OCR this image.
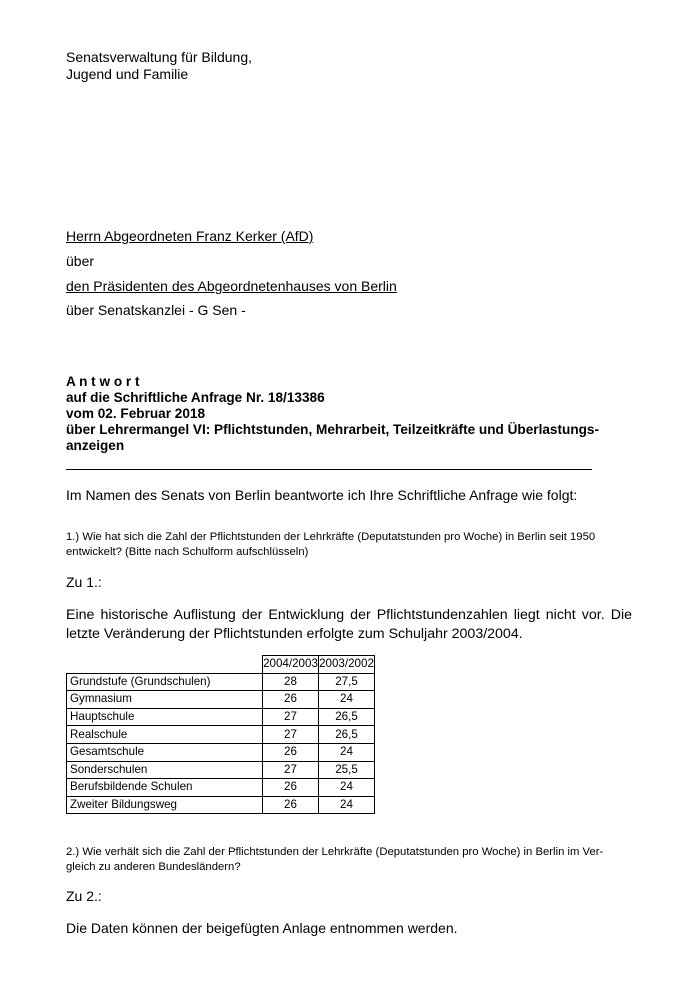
Senatsverwaltung für Bildung,
Jugend und Familie
Herrn Abgeordneten Franz Kerker (AfD)
über
den Präsidenten des Abgeordnetenhauses von Berlin
über Senatskanzlei - G Sen -
A n t w o r t
auf die Schriftliche Anfrage Nr. 18/13386
vom 02. Februar 2018
über Lehrermangel VI: Pflichtstunden, Mehrarbeit, Teilzeitkräfte und Überlastungs-
anzeigen
Im Namen des Senats von Berlin beantworte ich Ihre Schriftliche Anfrage wie folgt:
1.) Wie hat sich die Zahl der Pflichtstunden der Lehrkräfte (Deputatstunden pro Woche) in Berlin seit 1950
entwickelt? (Bitte nach Schulform aufschlüsseln)
Zu 1.:
Eine historische Auflistung der Entwicklung der Pflichtstundenzahlen liegt nicht vor. Die letzte Veränderung der Pflichtstunden erfolgte zum Schuljahr 2003/2004.
	2004/2003	2003/2002
Grundstufe (Grundschulen)	28	27,5
Gymnasium	26	24
Hauptschule	27	26,5
Realschule	27	26,5
Gesamtschule	26	24
Sonderschulen	27	25,5
Berufsbildende Schulen	26	24
Zweiter Bildungsweg	26	24
2.) Wie verhält sich die Zahl der Pflichtstunden der Lehrkräfte (Deputatstunden pro Woche) in Berlin im Ver-
gleich zu anderen Bundesländern?
Zu 2.:
Die Daten können der beigefügten Anlage entnommen werden.
